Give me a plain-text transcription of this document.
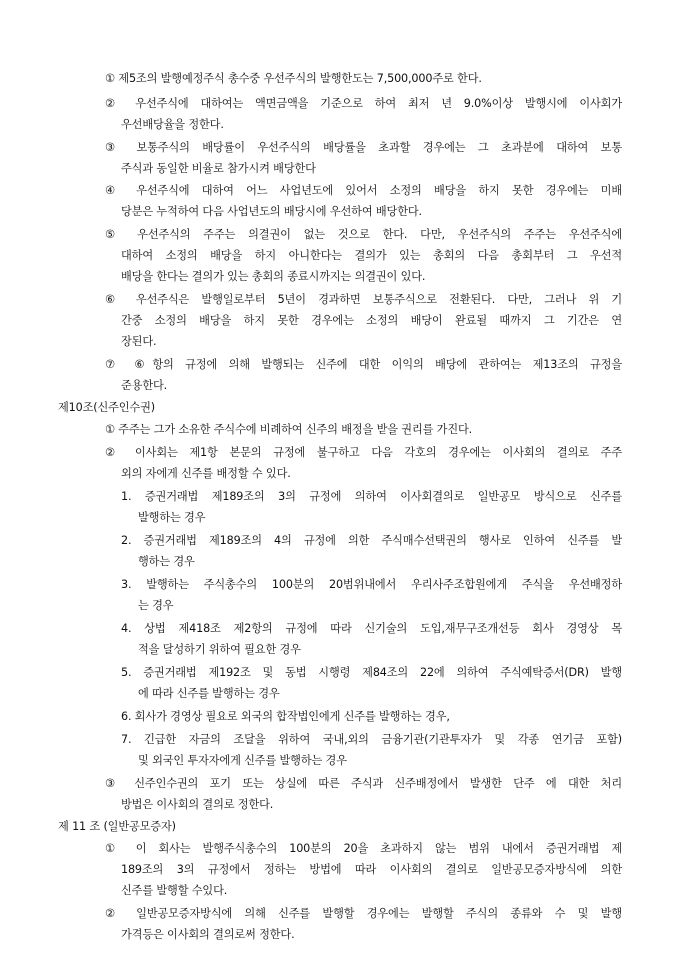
① 제5조의 발행예정주식 총수중 우선주식의 발행한도는 7,500,000주로 한다.
② 우선주식에 대하여는 액면금액을 기준으로 하여 최저 년 9.0%이상 발행시에 이사회가
우선배당율을 정한다.
③ 보통주식의 배당률이 우선주식의 배당률을 초과할 경우에는 그 초과분에 대하여 보통
주식과 동일한 비율로 참가시켜 배당한다
④ 우선주식에 대하여 어느 사업년도에 있어서 소정의 배당을 하지 못한 경우에는 미배
당분은 누적하여 다음 사업년도의 배당시에 우선하여 배당한다.
⑤ 우선주식의 주주는 의결권이 없는 것으로 한다. 다만, 우선주식의 주주는 우선주식에
대하여 소정의 배당을 하지 아니한다는 결의가 있는 총회의 다음 총회부터 그 우선적
배당을 한다는 결의가 있는 총회의 종료시까지는 의결권이 있다.
⑥ 우선주식은 발행일로부터 5년이 경과하면 보통주식으로 전환된다. 다만, 그러나 위 기
간중 소정의 배당을 하지 못한 경우에는 소정의 배당이 완료될 때까지 그 기간은 연
장된다.
⑦ ⑥항의 규정에 의해 발행되는 신주에 대한 이익의 배당에 관하여는 제13조의 규정을
준용한다.
제10조(신주인수권)
① 주주는 그가 소유한 주식수에 비례하여 신주의 배정을 받을 권리를 가진다.
② 이사회는 제1항 본문의 규정에 불구하고 다음 각호의 경우에는 이사회의 결의로 주주
외의 자에게 신주를 배정할 수 있다.
1. 증권거래법 제189조의 3의 규정에 의하여 이사회결의로 일반공모 방식으로 신주를
발행하는 경우
2. 증권거래법 제189조의 4의 규정에 의한 주식매수선택권의 행사로 인하여 신주를 발
행하는 경우
3. 발행하는 주식총수의 100분의 20범위내에서 우리사주조합원에게 주식을 우선배정하
는 경우
4. 상법 제418조 제2항의 규정에 따라 신기술의 도입,재무구조개선등 회사 경영상 목
적을 달성하기 위하여 필요한 경우
5. 증권거래법 제192조 및 동법 시행령 제84조의 22에 의하여 주식예탁증서(DR) 발행
에 따라 신주를 발행하는 경우
6. 회사가 경영상 필요로 외국의 합작법인에게 신주를 발행하는 경우,
7. 긴급한 자금의 조달을 위하여 국내,외의 금융기관(기관투자가 및 각종 연기금 포함)
및 외국인 투자자에게 신주를 발행하는 경우
③ 신주인수권의 포기 또는 상실에 따른 주식과 신주배정에서 발생한 단주 에 대한 처리
방법은 이사회의 결의로 정한다.
제 11 조 (일반공모증자)
① 이 회사는 발행주식총수의 100분의 20을 초과하지 않는 범위 내에서 증권거래법 제
189조의 3의 규정에서 정하는 방법에 따라 이사회의 결의로 일반공모증자방식에 의한
신주를 발행할 수있다.
② 일반공모증자방식에 의해 신주를 발행할 경우에는 발행할 주식의 종류와 수 및 발행
가격등은 이사회의 결의로써 정한다.
